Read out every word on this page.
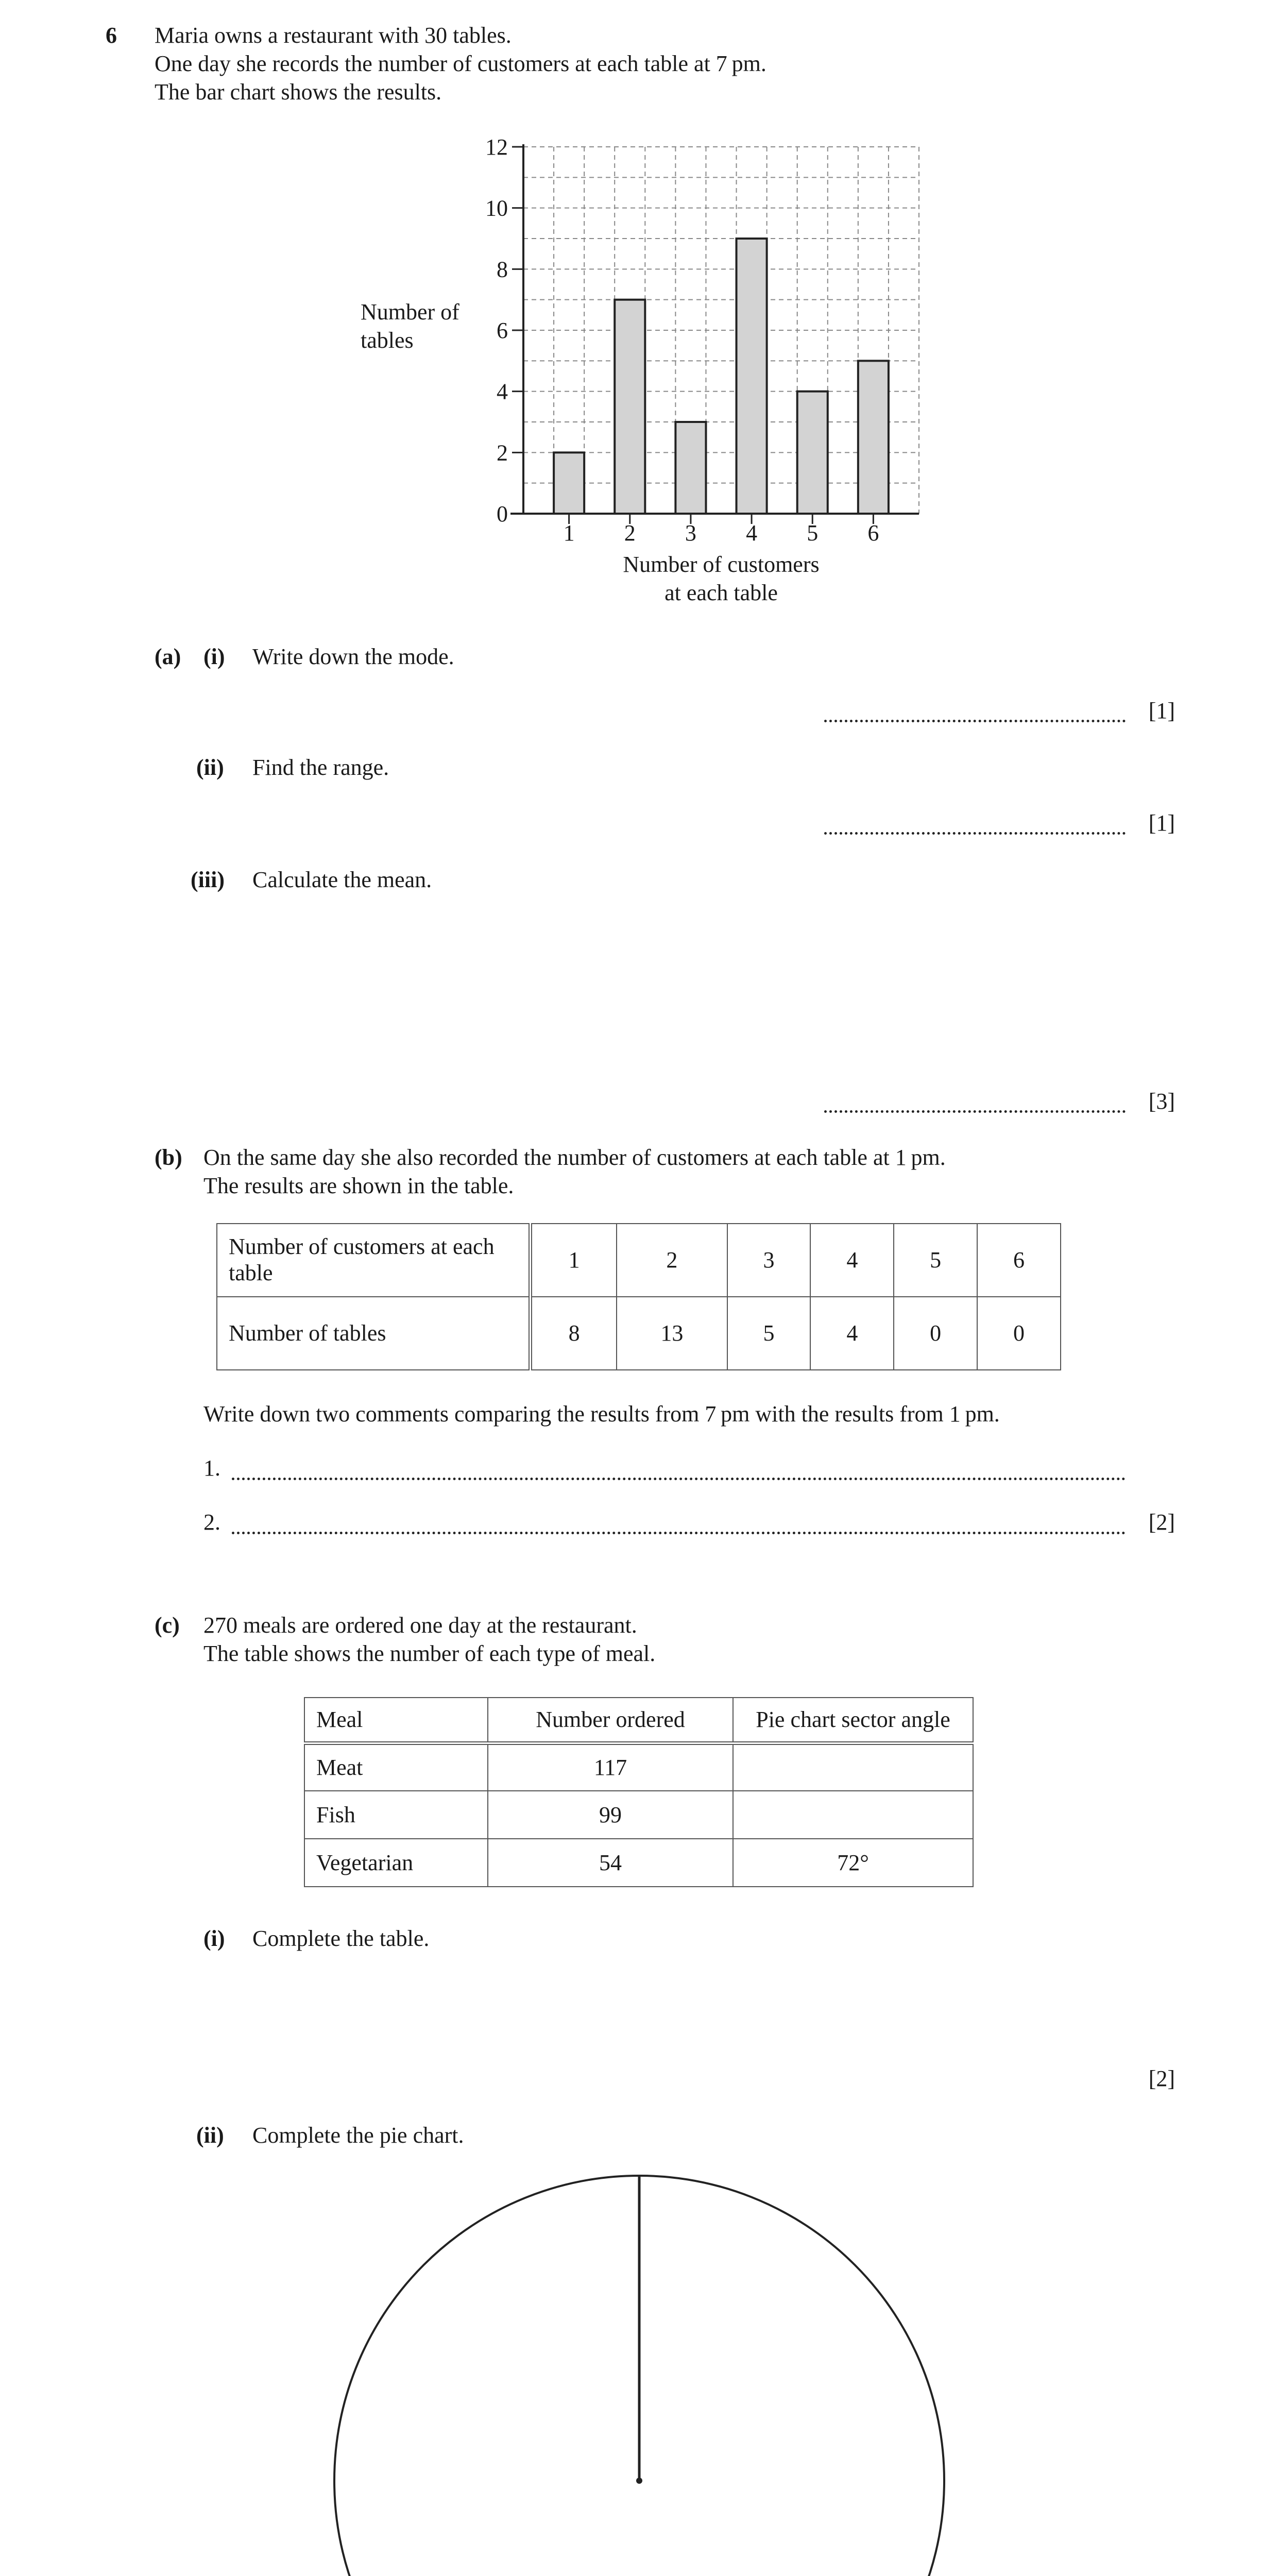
6 Maria owns a restaurant with 30 tables.
One day she records the number of customers at each table at 7 pm.
The bar chart shows the results.
0
2
4
6
8
10
12
1 2 3 4 5 6
Number of
tables
Number of customers
at each table
(a) (i) Write down the mode.
[1]
(ii) Find the range.
[1]
(iii) Calculate the mean.
[3]
(b) On the same day she also recorded the number of customers at each table at 1 pm.
The results are shown in the table.
Number of customers at each table	1	2	3	4	5	6
Number of tables	8	13	5	4	0	0
Write down two comments comparing the results from 7 pm with the results from 1 pm.
1.
2.	[2]
(c) 270 meals are ordered one day at the restaurant.
The table shows the number of each type of meal.
Meal	Number ordered	Pie chart sector angle
Meat	117	
Fish	99	
Vegetarian	54	72°
(i) Complete the table.
[2]
(ii) Complete the pie chart.
